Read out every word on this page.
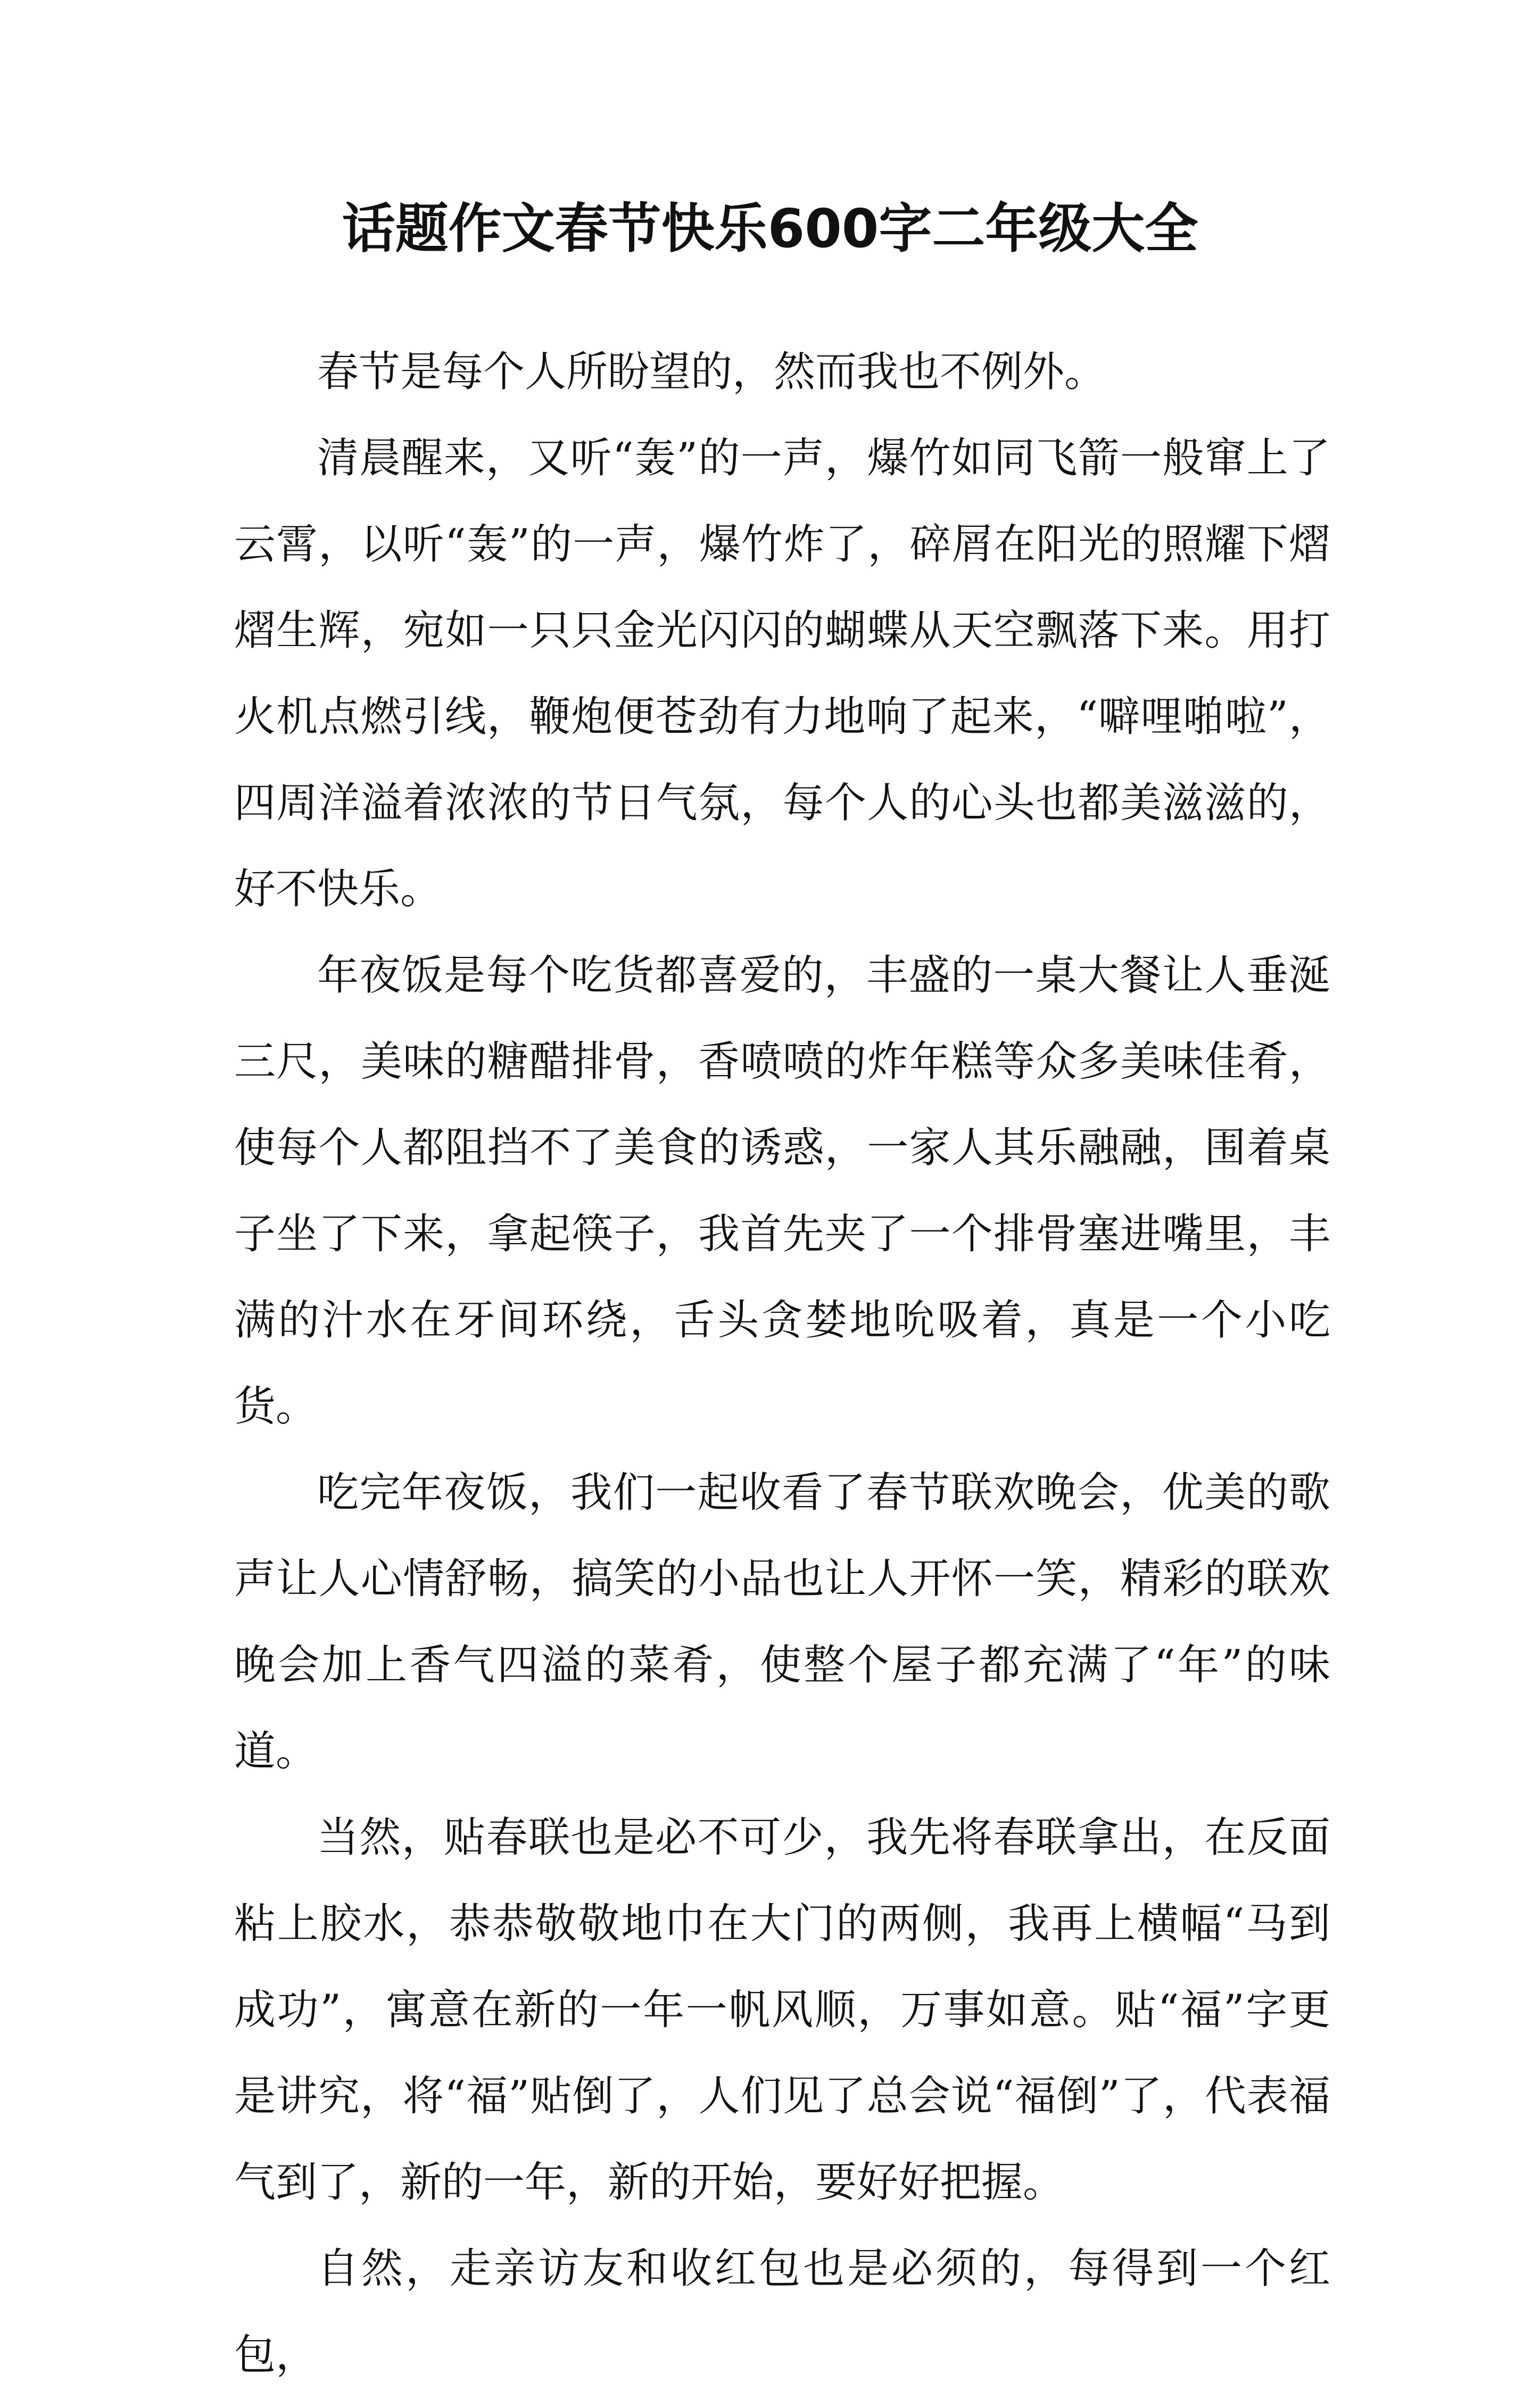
话题作文春节快乐600字二年级大全

春节是每个人所盼望的，然而我也不例外。

清晨醒来，又听“轰”的一声，爆竹如同飞箭一般窜上了云霄，以听“轰”的一声，爆竹炸了，碎屑在阳光的照耀下熠熠生辉，宛如一只只金光闪闪的蝴蝶从天空飘落下来。用打火机点燃引线，鞭炮便苍劲有力地响了起来，“噼哩啪啦”，四周洋溢着浓浓的节日气氛，每个人的心头也都美滋滋的，好不快乐。

年夜饭是每个吃货都喜爱的，丰盛的一桌大餐让人垂涎三尺，美味的糖醋排骨，香喷喷的炸年糕等众多美味佳肴，使每个人都阻挡不了美食的诱惑，一家人其乐融融，围着桌子坐了下来，拿起筷子，我首先夹了一个排骨塞进嘴里，丰满的汁水在牙间环绕，舌头贪婪地吮吸着，真是一个小吃货。

吃完年夜饭，我们一起收看了春节联欢晚会，优美的歌声让人心情舒畅，搞笑的小品也让人开怀一笑，精彩的联欢晚会加上香气四溢的菜肴，使整个屋子都充满了“年”的味道。

当然，贴春联也是必不可少，我先将春联拿出，在反面粘上胶水，恭恭敬敬地巾在大门的两侧，我再上横幅“马到成功”，寓意在新的一年一帆风顺，万事如意。贴“福”字更是讲究，将“福”贴倒了，人们见了总会说“福倒”了，代表福气到了，新的一年，新的开始，要好好把握。

自然，走亲访友和收红包也是必须的，每得到一个红包，
